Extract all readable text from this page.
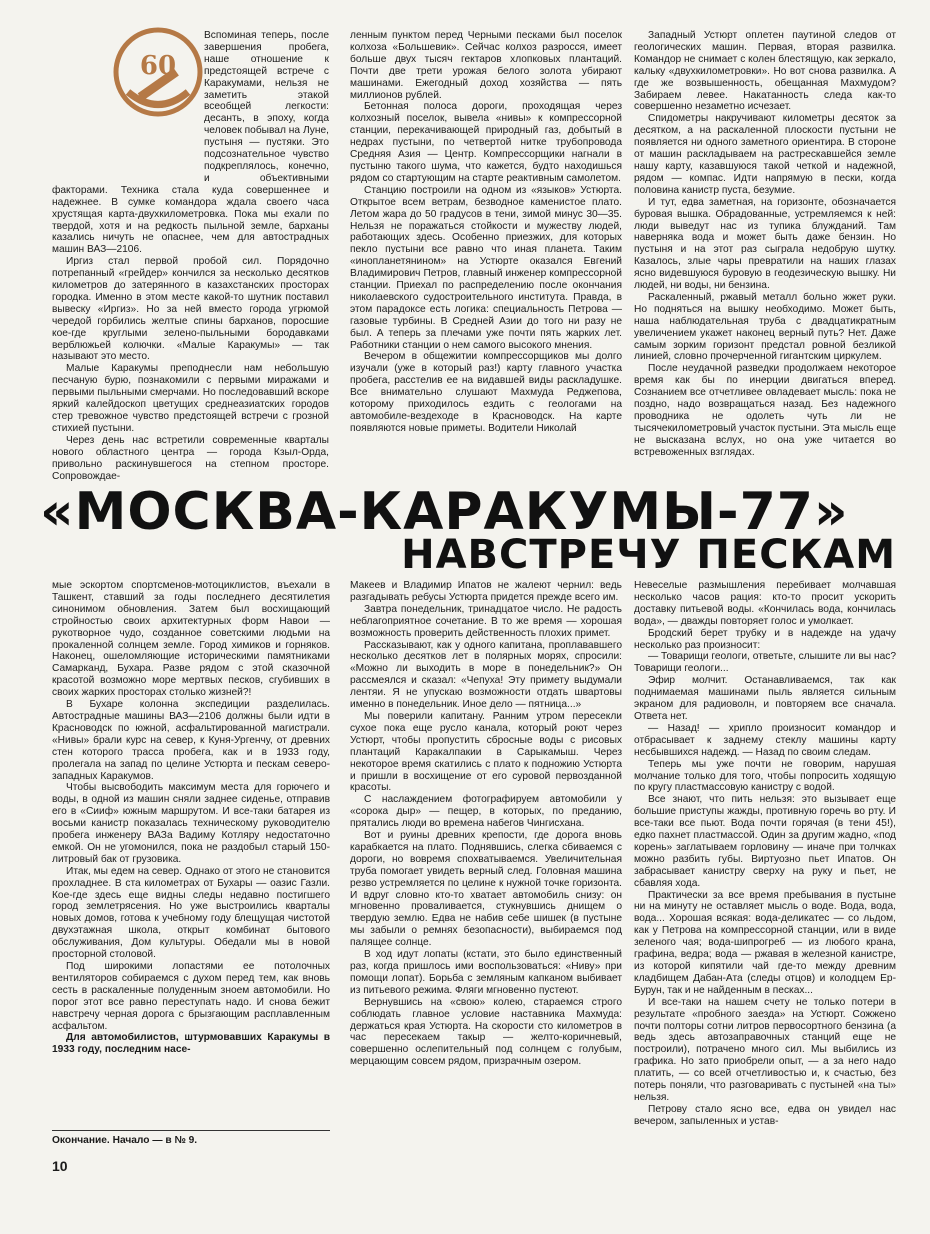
60

Вспоминая теперь, после завершения пробега, наше отношение к предстоящей встрече с Каракумами, нельзя не заметить этакой всеобщей легкости: десанть, в эпоху, когда человек побывал на Луне, пустыня — пустяки. Это подсознательное чувство подкреплялось, конечно, и объективными факторами. Техника стала куда совершеннее и надежнее. В сумке командора ждала своего часа хрустящая карта-двухкилометровка. Пока мы ехали по твердой, хотя и на редкость пыльной земле, барханы казались ничуть не опаснее, чем для автострадных машин ВАЗ—2106.

Иргиз стал первой пробой сил. Порядочно потрепанный «грейдер» кончился за несколько десятков километров до затерянного в казахстанских просторах городка. Именно в этом месте какой-то шутник поставил вывеску «Иргиз». Но за ней вместо города угрюмой чередой горбились желтые спины барханов, поросшие кое-где круглыми зелено-пыльными бородавками верблюжьей колючки. «Малые Каракумы» — так называют это место.

Малые Каракумы преподнесли нам небольшую песчаную бурю, познакомили с первыми миражами и первыми пыльными смерчами. Но последовавший вскоре яркий калейдоскоп цветущих среднеазиатских городов стер тревожное чувство предстоящей встречи с грозной стихией пустыни.

Через день нас встретили современные кварталы нового областного центра — города Кзыл-Орда, привольно раскинувшегося на степном просторе. Сопровождае-

ленным пунктом перед Черными песками был поселок колхоза «Большевик». Сейчас колхоз разросся, имеет больше двух тысяч гектаров хлопковых плантаций. Почти две трети урожая белого золота убирают машинами. Ежегодный доход хозяйства — пять миллионов рублей.

Бетонная полоса дороги, проходящая через колхозный поселок, вывела «нивы» к компрессорной станции, перекачивающей природный газ, добытый в недрах пустыни, по четвертой нитке трубопровода Средняя Азия — Центр. Компрессорщики нагнали в пустыню такого шума, что кажется, будто находишься рядом со стартующим на старте реактивным самолетом.

Станцию построили на одном из «языков» Устюрта. Открытое всем ветрам, безводное каменистое плато. Летом жара до 50 градусов в тени, зимой минус 30—35. Нельзя не поражаться стойкости и мужеству людей, работающих здесь. Особенно приезжих, для которых пекло пустыни все равно что иная планета. Таким «инопланетянином» на Устюрте оказался Евгений Владимирович Петров, главный инженер компрессорной станции. Приехал по распределению после окончания николаевского судостроительного института. Правда, в этом парадоксе есть логика: специальность Петрова — газовые турбины. В Средней Азии до того ни разу не был. А теперь за плечами уже почти пять жарких лет. Работники станции о нем самого высокого мнения.

Вечером в общежитии компрессорщиков мы долго изучали (уже в который раз!) карту главного участка пробега, расстелив ее на видавшей виды раскладушке. Все внимательно слушают Махмуда Реджепова, которому приходилось ездить с геологами на автомобиле-вездеходе в Красноводск. На карте появляются новые приметы. Водители Николай

Западный Устюрт оплетен паутиной следов от геологических машин. Первая, вторая развилка. Командор не снимает с колен блестящую, как зеркало, кальку «двухкилометровки». Но вот снова развилка. А где же возвышенность, обещанная Махмудом? Забираем левее. Накатанность следа как-то совершенно незаметно исчезает.

Спидометры накручивают километры десяток за десятком, а на раскаленной плоскости пустыни не появляется ни одного заметного ориентира. В стороне от машин раскладываем на растрескавшейся земле нашу карту, казавшуюся такой четкой и надежной, рядом — компас. Идти напрямую в пески, когда половина канистр пуста, безумие.

И тут, едва заметная, на горизонте, обозначается буровая вышка. Обрадованные, устремляемся к ней: люди выведут нас из тупика блужданий. Там наверняка вода и может быть даже бензин. Но пустыня и на этот раз сыграла недобрую шутку. Казалось, злые чары превратили на наших глазах ясно видевшуюся буровую в геодезическую вышку. Ни людей, ни воды, ни бензина.

Раскаленный, ржавый металл больно жжет руки. Но подняться на вышку необходимо. Может быть, наша наблюдательная труба с двадцатикратным увеличением укажет наконец верный путь? Нет. Даже самым зорким горизонт предстал ровной безликой линией, словно прочерченной гигантским циркулем.

После неудачной разведки продолжаем некоторое время как бы по инерции двигаться вперед. Сознанием все отчетливее овладевает мысль: пока не поздно, надо возвращаться назад. Без надежного проводника не одолеть чуть ли не тысячекилометровый участок пустыни. Эта мысль еще не высказана вслух, но она уже читается во встревоженных взглядах.

«МОСКВА-КАРАКУМЫ-77»
НАВСТРЕЧУ ПЕСКАМ

мые эскортом спортсменов-мотоциклистов, въехали в Ташкент, ставший за годы последнего десятилетия синонимом обновления. Затем был восхищающий стройностью своих архитектурных форм Навои — рукотворное чудо, созданное советскими людьми на прокаленной солнцем земле. Город химиков и горняков. Наконец, ошеломляющие историческими памятниками Самарканд, Бухара. Разве рядом с этой сказочной красотой возможно море мертвых песков, сгубивших в своих жарких просторах столько жизней?!

В Бухаре колонна экспедиции разделилась. Автострадные машины ВАЗ—2106 должны были идти в Красноводск по южной, асфальтированной магистрали. «Нивы» брали курс на север, к Куня-Ургенчу, от древних стен которого трасса пробега, как и в 1933 году, пролегала на запад по целине Устюрта и пескам северо-западных Каракумов.

Чтобы высвободить максимум места для горючего и воды, в одной из машин сняли заднее сиденье, отправив его в «Сииф» южным маршрутом. И все-таки батарея из восьми канистр показалась техническому руководителю пробега инженеру ВАЗа Вадиму Котляру недостаточно емкой. Он не угомонился, пока не раздобыл старый 150-литровый бак от грузовика.

Итак, мы едем на север. Однако от этого не становится прохладнее. В ста километрах от Бухары — оазис Газли. Кое-где здесь еще видны следы недавно постигшего город землетрясения. Но уже выстроились кварталы новых домов, готова к учебному году блещущая чистотой двухэтажная школа, открыт комбинат бытового обслуживания, Дом культуры. Обедали мы в новой просторной столовой.

Под широкими лопастями ее потолочных вентиляторов собираемся с духом перед тем, как вновь сесть в раскаленные полуденным зноем автомобили. Но порог этот все равно переступать надо. И снова бежит навстречу черная дорога с брызгающим расплавленным асфальтом.

Для автомобилистов, штурмовавших Каракумы в 1933 году, последним насе-

Макеев и Владимир Ипатов не жалеют чернил: ведь разгадывать ребусы Устюрта придется прежде всего им.

Завтра понедельник, тринадцатое число. Не радость неблагоприятное сочетание. В то же время — хорошая возможность проверить действенность плохих примет.

Рассказывают, как у одного капитана, проплававшего несколько десятков лет в полярных морях, спросили: «Можно ли выходить в море в понедельник?» Он рассмеялся и сказал: «Чепуха! Эту примету выдумали лентяи. Я не упускаю возможности отдать швартовы именно в понедельник. Иное дело — пятница...»

Мы поверили капитану. Ранним утром пересекли сухое пока еще русло канала, который роют через Устюрт, чтобы пропустить сбросные воды с рисовых плантаций Каракалпакии в Сарыкамыш. Через некоторое время скатились с плато к подножию Устюрта и пришли в восхищение от его суровой первозданной красоты.

С наслаждением фотографируем автомобили у «сорока дыр» — пещер, в которых, по преданию, прятались люди во времена набегов Чингисхана.

Вот и руины древних крепости, где дорога вновь карабкается на плато. Поднявшись, слегка сбиваемся с дороги, но вовремя спохватываемся. Увеличительная труба помогает увидеть верный след. Головная машина резво устремляется по целине к нужной точке горизонта. И вдруг словно кто-то хватает автомобиль снизу: он мгновенно проваливается, стукнувшись днищем о твердую землю. Едва не набив себе шишек (в пустыне мы забыли о ремнях безопасности), выбираемся под палящее солнце.

В ход идут лопаты (кстати, это было единственный раз, когда пришлось ими воспользоваться: «Ниву» при помощи лопат). Борьба с земляным капканом выбивает из питьевого режима. Фляги мгновенно пустеют.

Вернувшись на «свою» колею, стараемся строго соблюдать главное условие наставника Махмуда: держаться края Устюрта. На скорости сто километров в час пересекаем такыр — желто-коричневый, совершенно ослепительный под солнцем с голубым, мерцающим совсем рядом, призрачным озером.

Невеселые размышления перебивает молчавшая несколько часов рация: кто-то просит ускорить доставку питьевой воды. «Кончилась вода, кончилась вода», — дважды повторяет голос и умолкает.

Бродский берет трубку и в надежде на удачу несколько раз произносит:

— Товарищи геологи, ответьте, слышите ли вы нас? Товарищи геологи...

Эфир молчит. Останавливаемся, так как поднимаемая машинами пыль является сильным экраном для радиоволн, и повторяем все сначала. Ответа нет.

— Назад! — хрипло произносит командор и отбрасывает к заднему стеклу машины карту несбывшихся надежд. — Назад по своим следам.

Теперь мы уже почти не говорим, нарушая молчание только для того, чтобы попросить ходящую по кругу пластмассовую канистру с водой.

Все знают, что пить нельзя: это вызывает еще большие приступы жажды, противную горечь во рту. И все-таки все пьют. Вода почти горячая (в тени 45!), едко пахнет пластмассой. Один за другим жадно, «под корень» заглатываем горловину — иначе при толчках можно разбить губы. Виртуозно пьет Ипатов. Он забрасывает канистру сверху на руку и пьет, не сбавляя хода.

Практически за все время пребывания в пустыне ни на минуту не оставляет мысль о воде. Вода, вода, вода... Хорошая всякая: вода-деликатес — со льдом, как у Петрова на компрессорной станции, или в виде зеленого чая; вода-шипрогреб — из любого крана, графина, ведра; вода — ржавая в железной канистре, из которой кипятили чай где-то между древним кладбищем Дабан-Ата (следы отцов) и колодцем Ер-Бурун, так и не найденным в песках...

И все-таки на нашем счету не только потери в результате «пробного заезда» на Устюрт. Сожжено почти полторы сотни литров первосортного бензина (а ведь здесь автозаправочных станций еще не построили), потрачено много сил. Мы выбились из графика. Но зато приобрели опыт, — а за него надо платить, — со всей отчетливостью и, к счастью, без потерь поняли, что разговаривать с пустыней «на ты» нельзя.

Петрову стало ясно все, едва он увидел нас вечером, запыленных и устав-

Окончание. Начало — в № 9.
10
